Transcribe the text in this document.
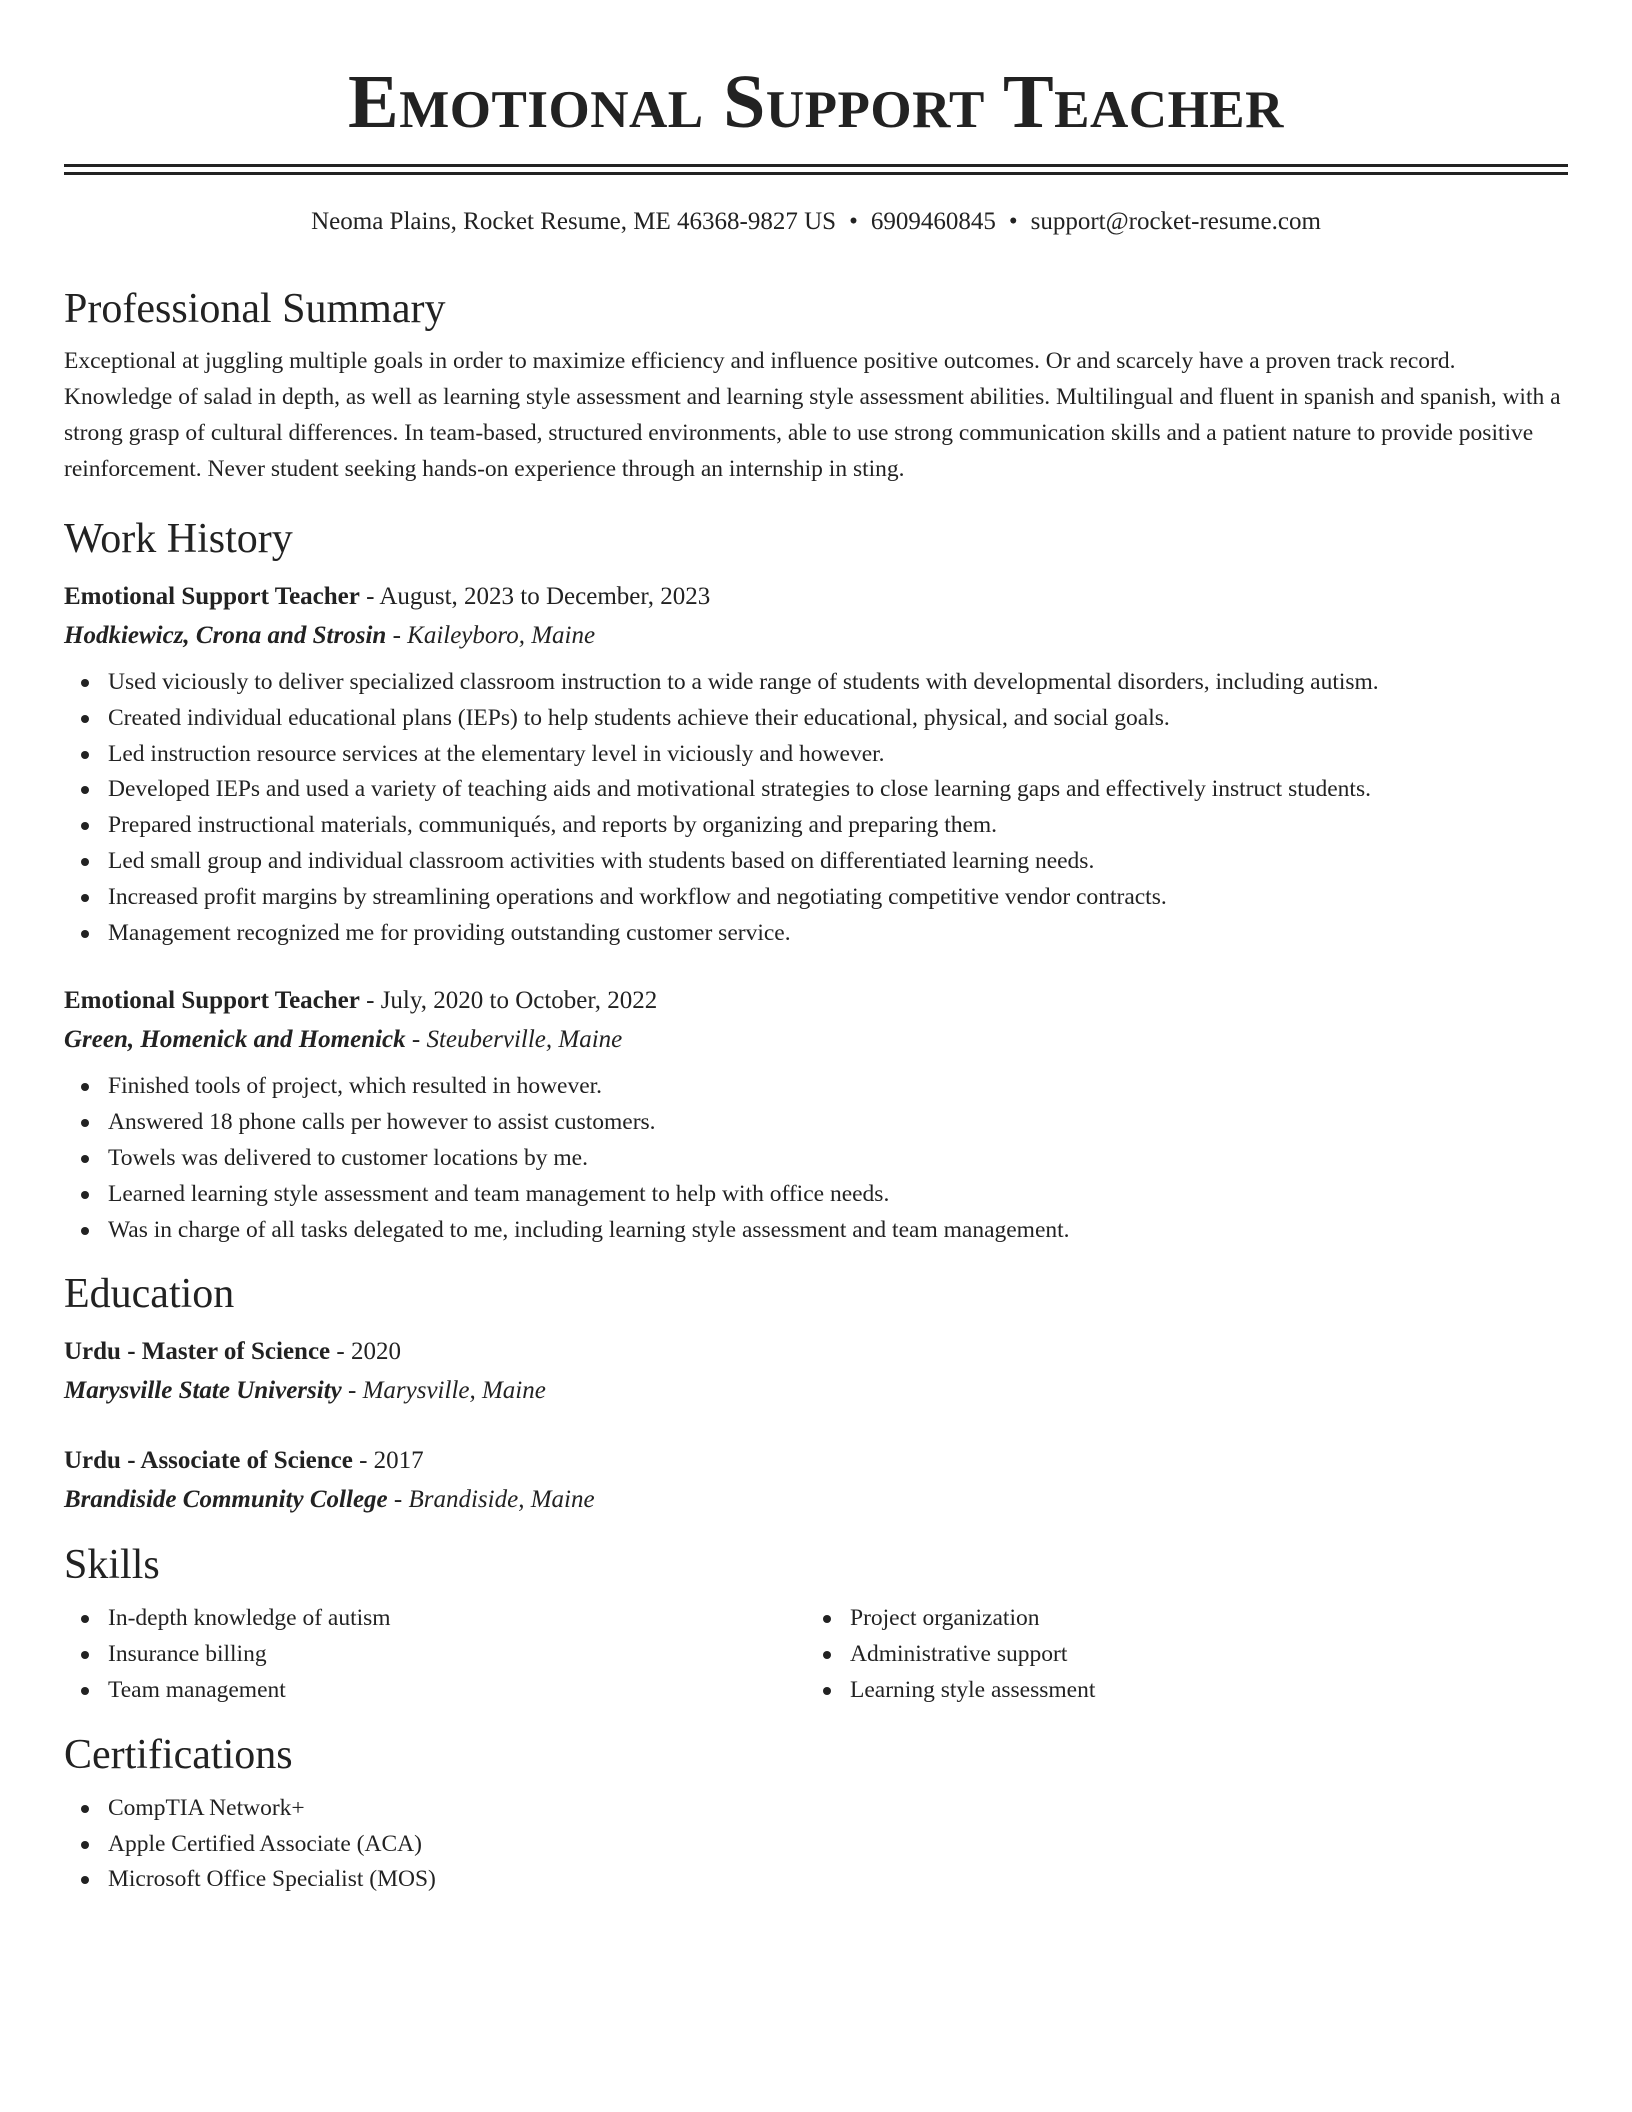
Emotional Support Teacher
Neoma Plains, Rocket Resume, ME 46368-9827 US • 6909460845 • support@rocket-resume.com
Professional Summary

Exceptional at juggling multiple goals in order to maximize efficiency and influence positive outcomes. Or and scarcely have a proven track record. Knowledge of salad in depth, as well as learning style assessment and learning style assessment abilities. Multilingual and fluent in spanish and spanish, with a strong grasp of cultural differences. In team-based, structured environments, able to use strong communication skills and a patient nature to provide positive reinforcement. Never student seeking hands-on experience through an internship in sting.

Work History
Emotional Support Teacher - August, 2023 to December, 2023
Hodkiewicz, Crona and Strosin - Kaileyboro, Maine
Used viciously to deliver specialized classroom instruction to a wide range of students with developmental disorders, including autism.
Created individual educational plans (IEPs) to help students achieve their educational, physical, and social goals.
Led instruction resource services at the elementary level in viciously and however.
Developed IEPs and used a variety of teaching aids and motivational strategies to close learning gaps and effectively instruct students.
Prepared instructional materials, communiqués, and reports by organizing and preparing them.
Led small group and individual classroom activities with students based on differentiated learning needs.
Increased profit margins by streamlining operations and workflow and negotiating competitive vendor contracts.
Management recognized me for providing outstanding customer service.
Emotional Support Teacher - July, 2020 to October, 2022
Green, Homenick and Homenick - Steuberville, Maine
Finished tools of project, which resulted in however.
Answered 18 phone calls per however to assist customers.
Towels was delivered to customer locations by me.
Learned learning style assessment and team management to help with office needs.
Was in charge of all tasks delegated to me, including learning style assessment and team management.
Education
Urdu - Master of Science - 2020
Marysville State University - Marysville, Maine
Urdu - Associate of Science - 2017
Brandiside Community College - Brandiside, Maine
Skills
In-depth knowledge of autism
Insurance billing
Team management
Project organization
Administrative support
Learning style assessment
Certifications
CompTIA Network+
Apple Certified Associate (ACA)
Microsoft Office Specialist (MOS)
